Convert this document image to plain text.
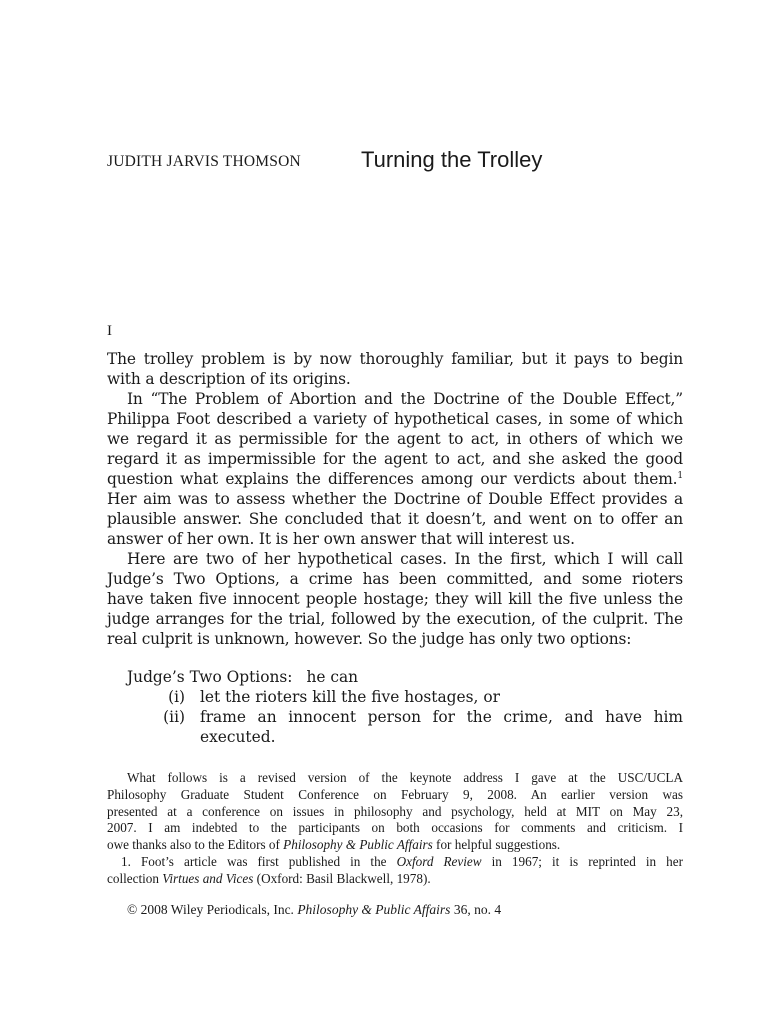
JUDITH JARVIS THOMSON	Turning the Trolley
I
The trolley problem is by now thoroughly familiar, but it pays to begin
with a description of its origins.
In “The Problem of Abortion and the Doctrine of the Double Effect,”
Philippa Foot described a variety of hypothetical cases, in some of which
we regard it as permissible for the agent to act, in others of which we
regard it as impermissible for the agent to act, and she asked the good
question what explains the differences among our verdicts about them.$^1$
Her aim was to assess whether the Doctrine of Double Effect provides a
plausible answer. She concluded that it doesn’t, and went on to offer an
answer of her own. It is her own answer that will interest us.
Here are two of her hypothetical cases. In the first, which I will call
Judge’s Two Options, a crime has been committed, and some rioters
have taken five innocent people hostage; they will kill the five unless the
judge arranges for the trial, followed by the execution, of the culprit. The
real culprit is unknown, however. So the judge has only two options:
Judge’s Two Options: he can
(i) let the rioters kill the five hostages, or
(ii) frame an innocent person for the crime, and have him
executed.
What follows is a revised version of the keynote address I gave at the USC/UCLA
Philosophy Graduate Student Conference on February 9, 2008. An earlier version was
presented at a conference on issues in philosophy and psychology, held at MIT on May 23,
2007. I am indebted to the participants on both occasions for comments and criticism. I
owe thanks also to the Editors of Philosophy & Public Affairs for helpful suggestions.
1. Foot’s article was first published in the Oxford Review in 1967; it is reprinted in her
collection Virtues and Vices (Oxford: Basil Blackwell, 1978).
© 2008 Wiley Periodicals, Inc. Philosophy & Public Affairs 36, no. 4
